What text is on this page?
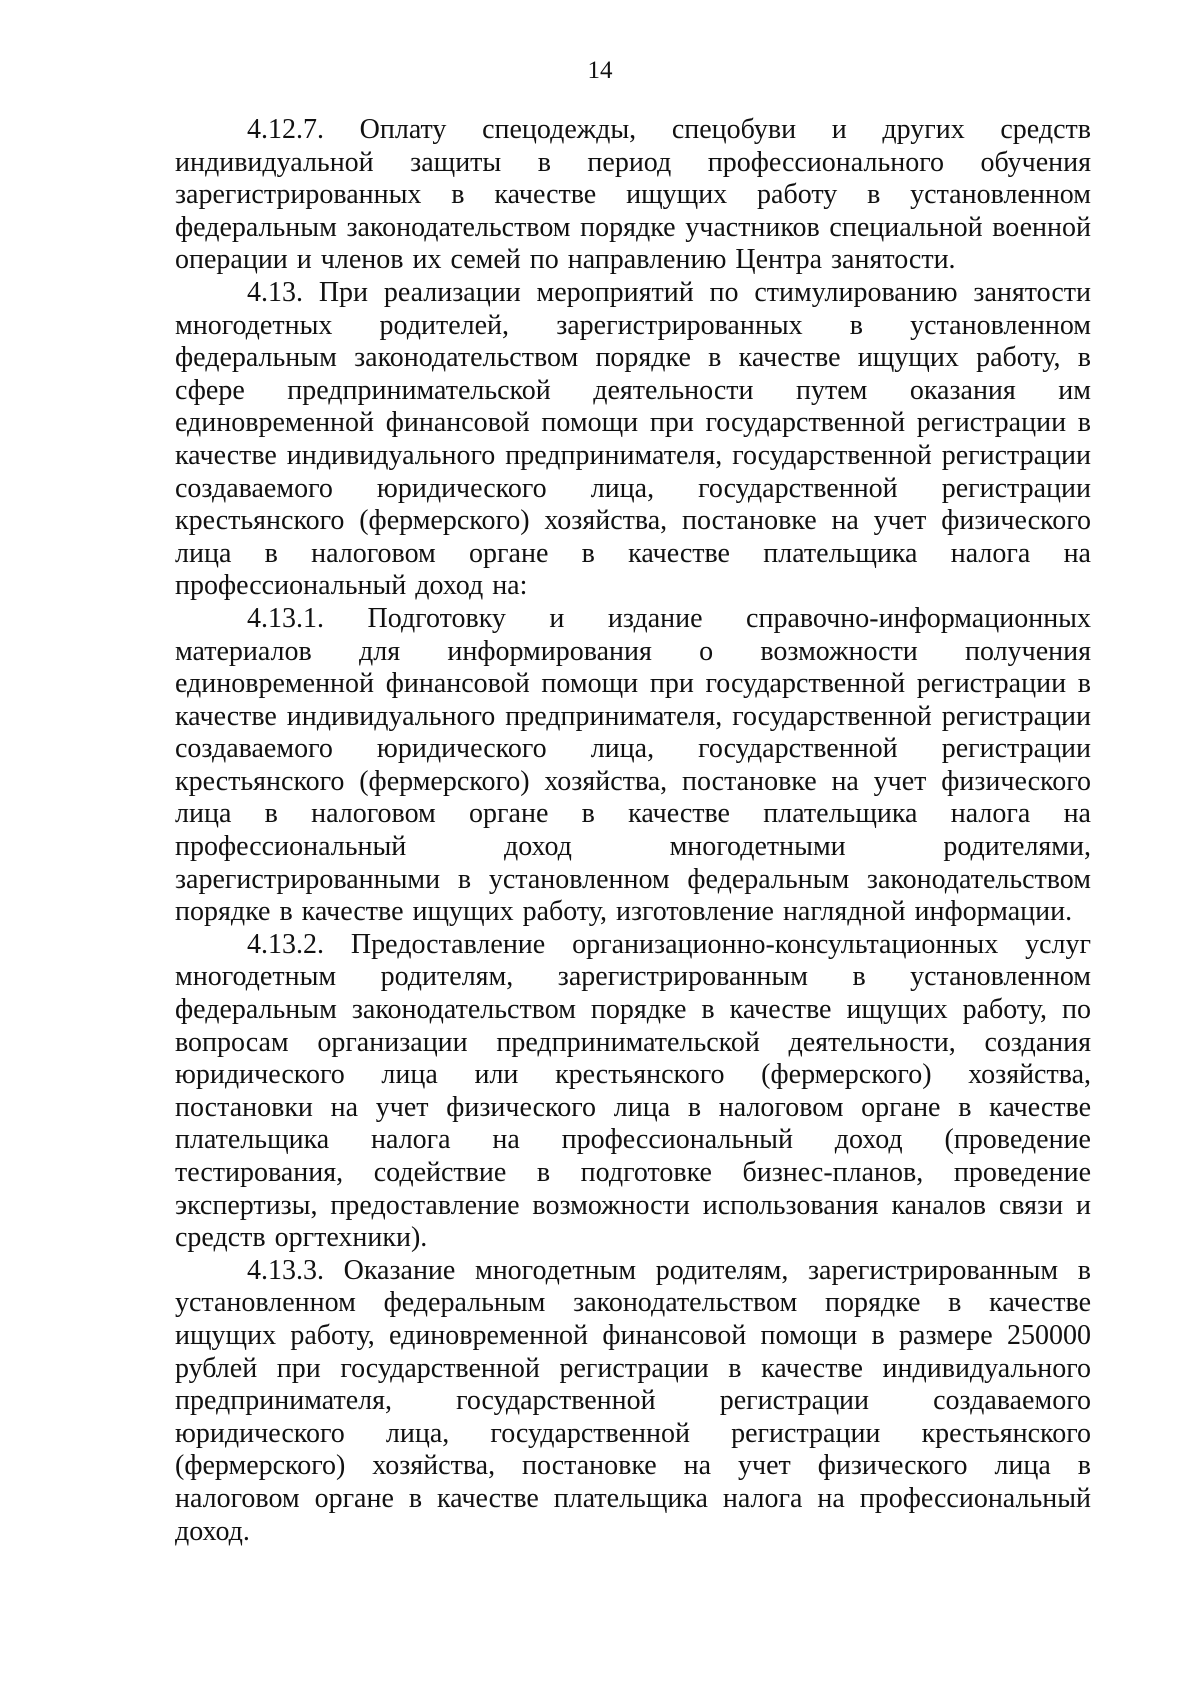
14

4.12.7. Оплату спецодежды, спецобуви и других средств индивидуальной защиты в период профессионального обучения зарегистрированных в качестве ищущих работу в установленном федеральным законодательством порядке участников специальной военной операции и членов их семей по направлению Центра занятости.

4.13. При реализации мероприятий по стимулированию занятости многодетных родителей, зарегистрированных в установленном федеральным законодательством порядке в качестве ищущих работу, в сфере предпринимательской деятельности путем оказания им единовременной финансовой помощи при государственной регистрации в качестве индивидуального предпринимателя, государственной регистрации создаваемого юридического лица, государственной регистрации крестьянского (фермерского) хозяйства, постановке на учет физического лица в налоговом органе в качестве плательщика налога на профессиональный доход на:

4.13.1. Подготовку и издание справочно-информационных материалов для информирования о возможности получения единовременной финансовой помощи при государственной регистрации в качестве индивидуального предпринимателя, государственной регистрации создаваемого юридического лица, государственной регистрации крестьянского (фермерского) хозяйства, постановке на учет физического лица в налоговом органе в качестве плательщика налога на профессиональный доход многодетными родителями, зарегистрированными в установленном федеральным законодательством порядке в качестве ищущих работу, изготовление наглядной информации.

4.13.2. Предоставление организационно-консультационных услуг многодетным родителям, зарегистрированным в установленном федеральным законодательством порядке в качестве ищущих работу, по вопросам организации предпринимательской деятельности, создания юридического лица или крестьянского (фермерского) хозяйства, постановки на учет физического лица в налоговом органе в качестве плательщика налога на профессиональный доход (проведение тестирования, содействие в подготовке бизнес-планов, проведение экспертизы, предоставление возможности использования каналов связи и средств оргтехники).

4.13.3. Оказание многодетным родителям, зарегистрированным в установленном федеральным законодательством порядке в качестве ищущих работу, единовременной финансовой помощи в размере 250000 рублей при государственной регистрации в качестве индивидуального предпринимателя, государственной регистрации создаваемого юридического лица, государственной регистрации крестьянского (фермерского) хозяйства, постановке на учет физического лица в налоговом органе в качестве плательщика налога на профессиональный доход.
